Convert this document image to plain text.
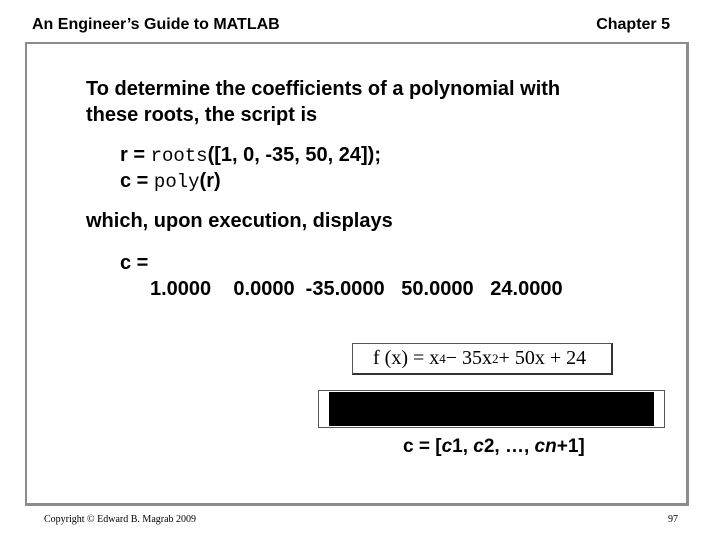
An Engineer’s Guide to MATLAB	Chapter 5
To determine the coefficients of a polynomial with
these roots, the script is
r = roots([1, 0, -35, 50, 24]);
c = poly(r)
which, upon execution, displays
c =
1.0000    0.0000  -35.0000   50.0000   24.0000
f (x) = x 4 − 35x 2 + 50x + 24
c = [c1, c2, …, cn+1]
Copyright © Edward B. Magrab 2009	97
